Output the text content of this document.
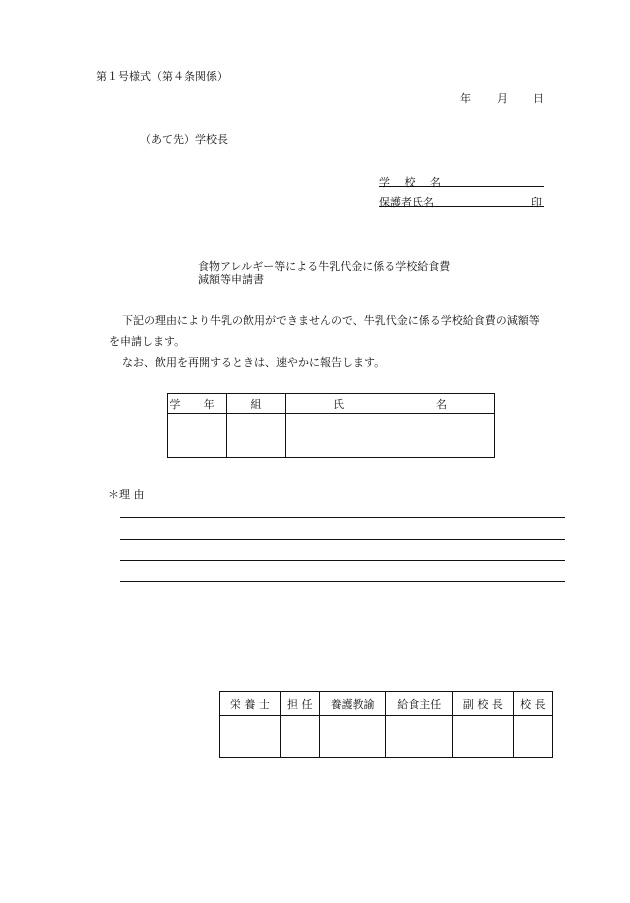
第１号様式（第４条関係）
年 月 日
（あて先）学校長
学 校 名
保護者氏名	印
食物アレルギー等による牛乳代金に係る学校給食費
減額等申請書
下記の理由により牛乳の飲用ができませんので、牛乳代金に係る学校給食費の減額等
を申請します。
なお、飲用を再開するときは、速やかに報告します。
学 年	組	氏 名

＊理 由
栄 養 士	担 任	養護教諭	給食主任	副 校 長	校 長
